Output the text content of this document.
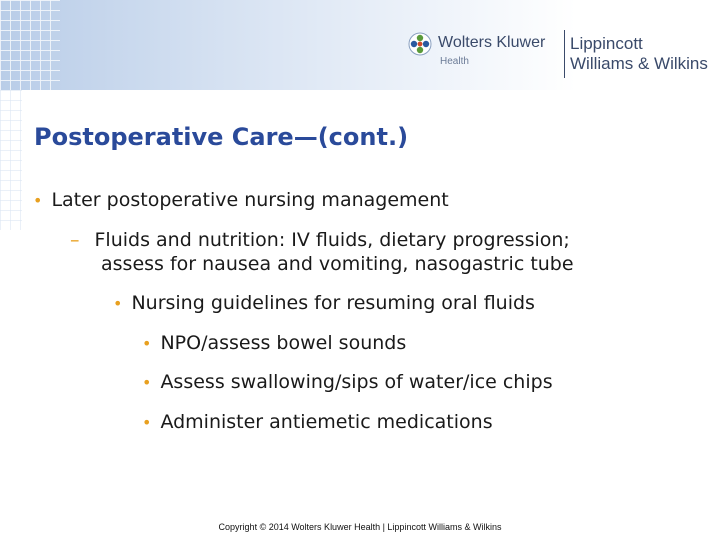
Wolters Kluwer
Health
Lippincott
Williams & Wilkins
Postoperative Care—(cont.)
• Later postoperative nursing management
– Fluids and nutrition: IV fluids, dietary progression;
assess for nausea and vomiting, nasogastric tube
• Nursing guidelines for resuming oral fluids
• NPO/assess bowel sounds
• Assess swallowing/sips of water/ice chips
• Administer antiemetic medications
Copyright © 2014 Wolters Kluwer Health | Lippincott Williams & Wilkins
